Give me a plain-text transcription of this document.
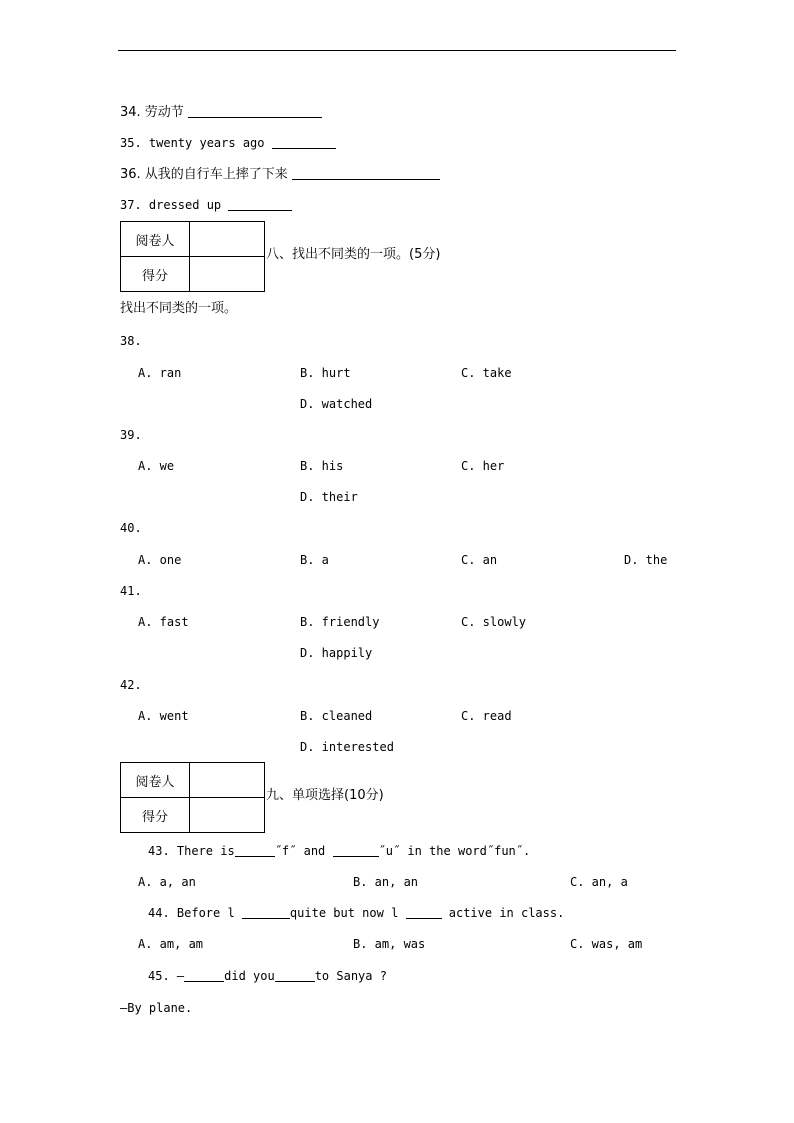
34. 劳动节
35. twenty years ago
36. 从我的自行车上摔了下来
37. dressed up
阅卷人	
得分	
八、找出不同类的一项。(5分)
找出不同类的一项。
38.
A. ran	B. hurt	C. take
D. watched
39.
A. we	B. his	C. her
D. their
40.
A. one	B. a	C. an	D. the
41.
A. fast	B. friendly	C. slowly
D. happily
42.
A. went	B. cleaned	C. read
D. interested
阅卷人	
得分	
九、单项选择(10分)
43. There is	˝f˝ and	˝u˝ in the word˝fun˝.
A. a, an	B. an, an	C. an, a
44. Before l	quite but now l	active in class.
A. am, am	B. am, was	C. was, am
45. —	did you	to Sanya ?
—By plane.
